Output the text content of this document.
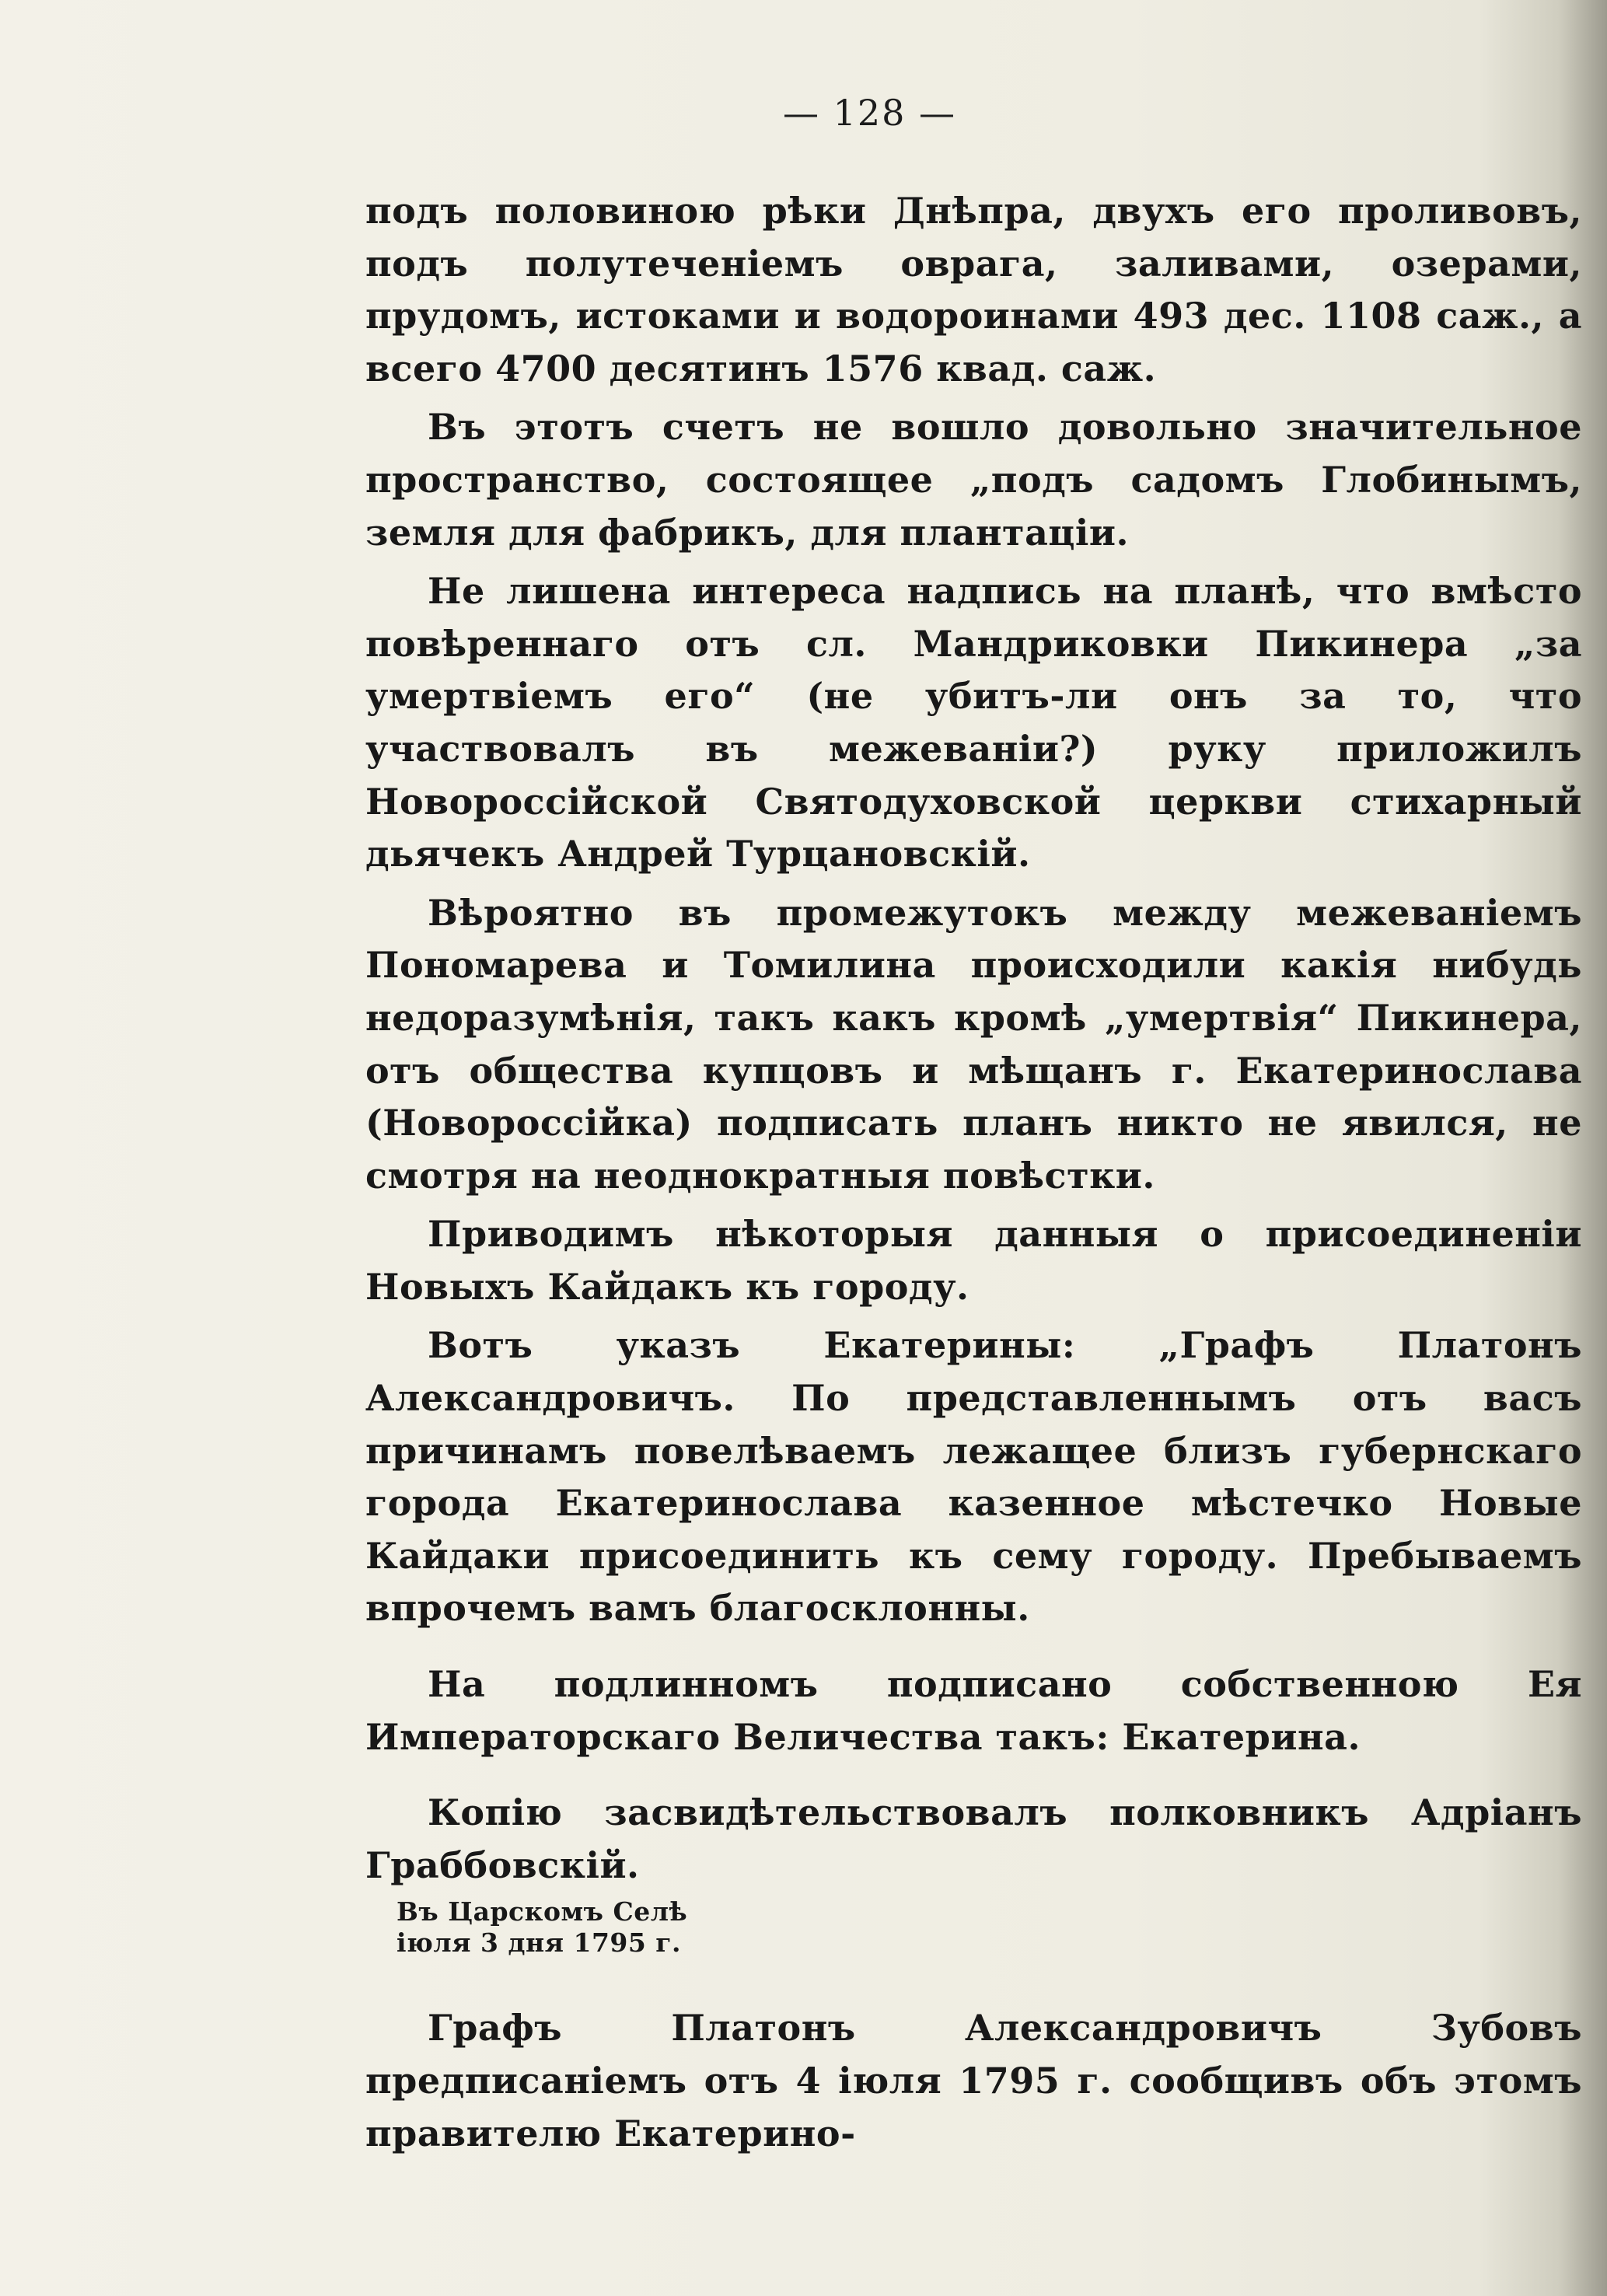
— 128 —

подъ половиною рѣки Днѣпра, двухъ его проливовъ, подъ полутеченіемъ оврага, заливами, озерами, прудомъ, истоками и водороинами 493 дес. 1108 саж., а всего 4700 десятинъ 1576 квад. саж.

Въ этотъ счетъ не вошло довольно значительное пространство, состоящее „подъ садомъ Глобинымъ, земля для фабрикъ, для плантаціи.

Не лишена интереса надпись на планѣ, что вмѣсто повѣреннаго отъ сл. Мандриковки Пикинера „за умертвіемъ его“ (не убитъ-ли онъ за то, что участвовалъ въ межеваніи?) руку приложилъ Новороссійской Святодуховской церкви стихарный дьячекъ Андрей Турцановскій.

Вѣроятно въ промежутокъ между межеваніемъ Пономарева и Томилина происходили какія нибудь недоразумѣнія, такъ какъ кромѣ „умертвія“ Пикинера, отъ общества купцовъ и мѣщанъ г. Екатеринослава (Новороссійка) подписать планъ никто не явился, не смотря на неоднократныя повѣстки.

Приводимъ нѣкоторыя данныя о присоединеніи Новыхъ Кайдакъ къ городу.

Вотъ указъ Екатерины: „Графъ Платонъ Александровичъ. По представленнымъ отъ васъ причинамъ повелѣваемъ лежащее близъ губернскаго города Екатеринослава казенное мѣстечко Новые Кайдаки присоединить къ сему городу. Пребываемъ впрочемъ вамъ благосклонны.

На подлинномъ подписано собственною Ея Императорскаго Величества такъ: Екатерина.

Копію засвидѣтельствовалъ полковникъ Адріанъ Граббовскій.

Въ Царскомъ Селѣ
іюля 3 дня 1795 г.

Графъ Платонъ Александровичъ Зубовъ предписаніемъ отъ 4 іюля 1795 г. сообщивъ объ этомъ правителю Екатерино-
